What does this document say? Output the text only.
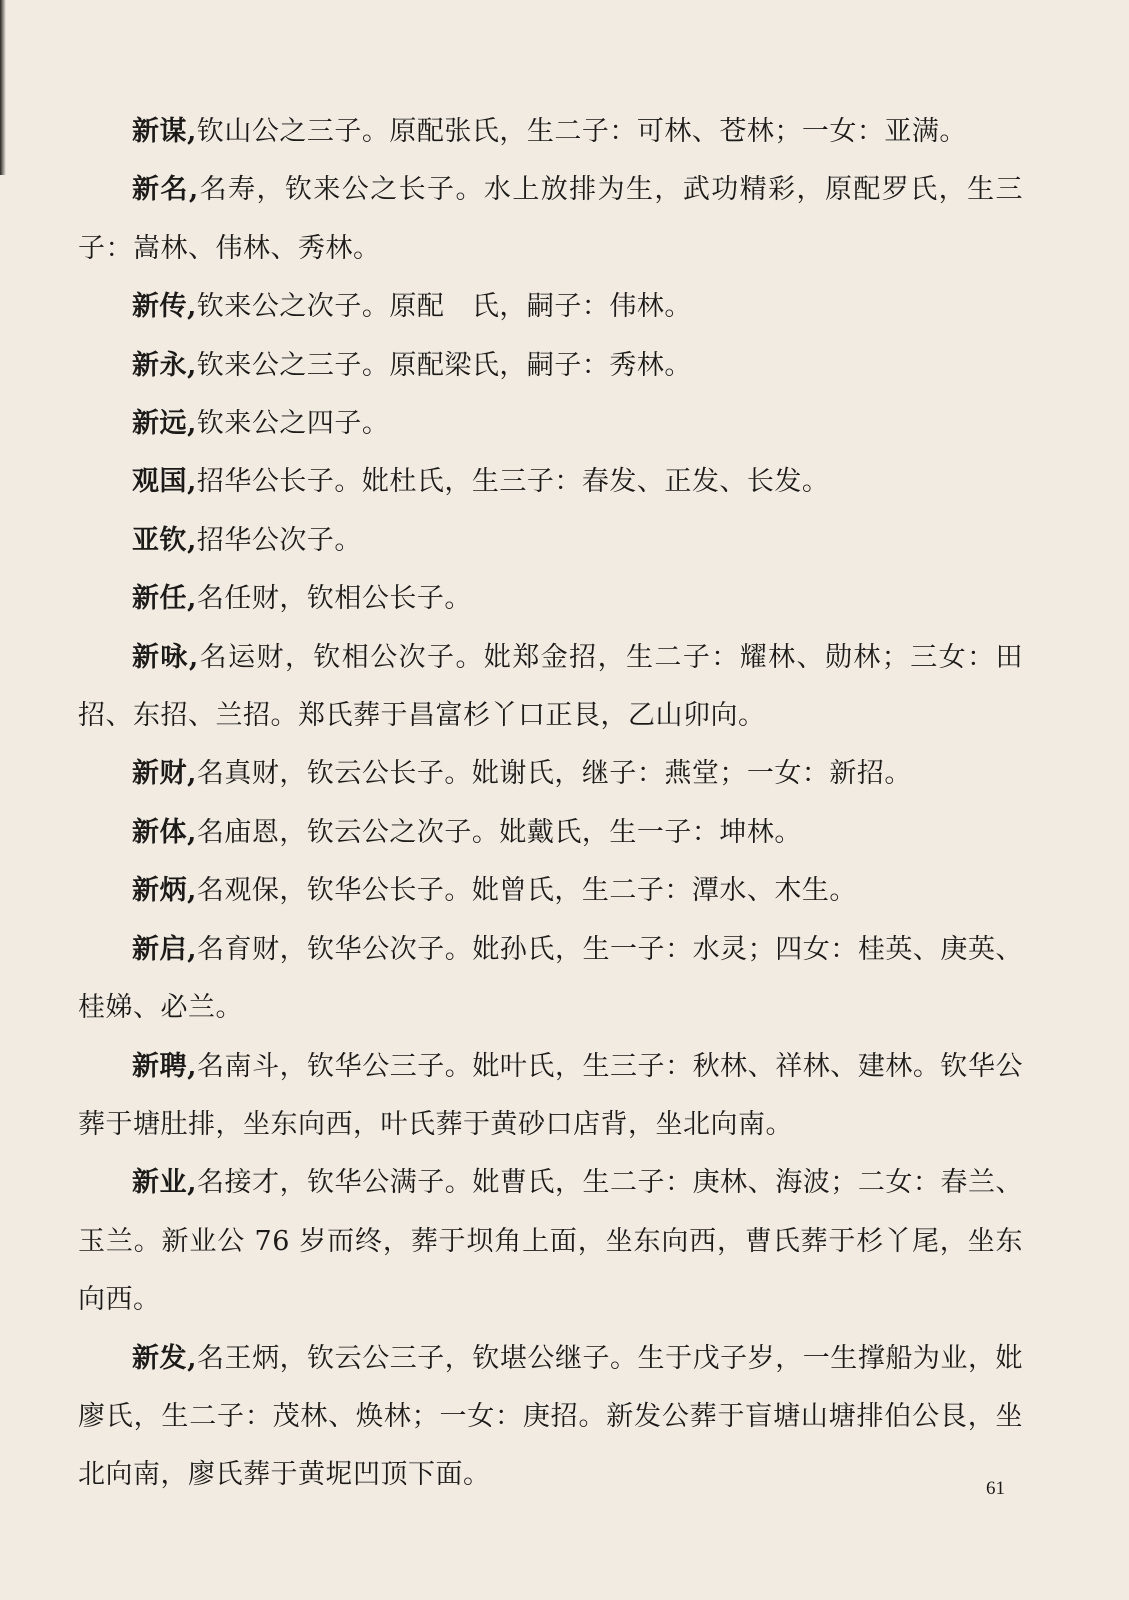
新谋,钦山公之三子。原配张氏，生二子：可林、苍林；一女：亚满。

新名,名寿，钦来公之长子。水上放排为生，武功精彩，原配罗氏，生三子：嵩林、伟林、秀林。

新传,钦来公之次子。原配　氏，嗣子：伟林。

新永,钦来公之三子。原配梁氏，嗣子：秀林。

新远,钦来公之四子。

观国,招华公长子。妣杜氏，生三子：春发、正发、长发。

亚钦,招华公次子。

新任,名任财，钦相公长子。

新咏,名运财，钦相公次子。妣郑金招，生二子：耀林、勋林；三女：田招、东招、兰招。郑氏葬于昌富杉丫口正艮，乙山卯向。

新财,名真财，钦云公长子。妣谢氏，继子：燕堂；一女：新招。

新体,名庙恩，钦云公之次子。妣戴氏，生一子：坤林。

新炳,名观保，钦华公长子。妣曾氏，生二子：潭水、木生。

新启,名育财，钦华公次子。妣孙氏，生一子：水灵；四女：桂英、庚英、桂娣、必兰。

新聘,名南斗，钦华公三子。妣叶氏，生三子：秋林、祥林、建林。钦华公葬于塘肚排，坐东向西，叶氏葬于黄砂口店背，坐北向南。

新业,名接才，钦华公满子。妣曹氏，生二子：庚林、海波；二女：春兰、玉兰。新业公 76 岁而终，葬于坝角上面，坐东向西，曹氏葬于杉丫尾，坐东向西。

新发,名王炳，钦云公三子，钦堪公继子。生于戊子岁，一生撑船为业，妣廖氏，生二子：茂林、焕林；一女：庚招。新发公葬于盲塘山塘排伯公艮，坐北向南，廖氏葬于黄坭凹顶下面。	61
